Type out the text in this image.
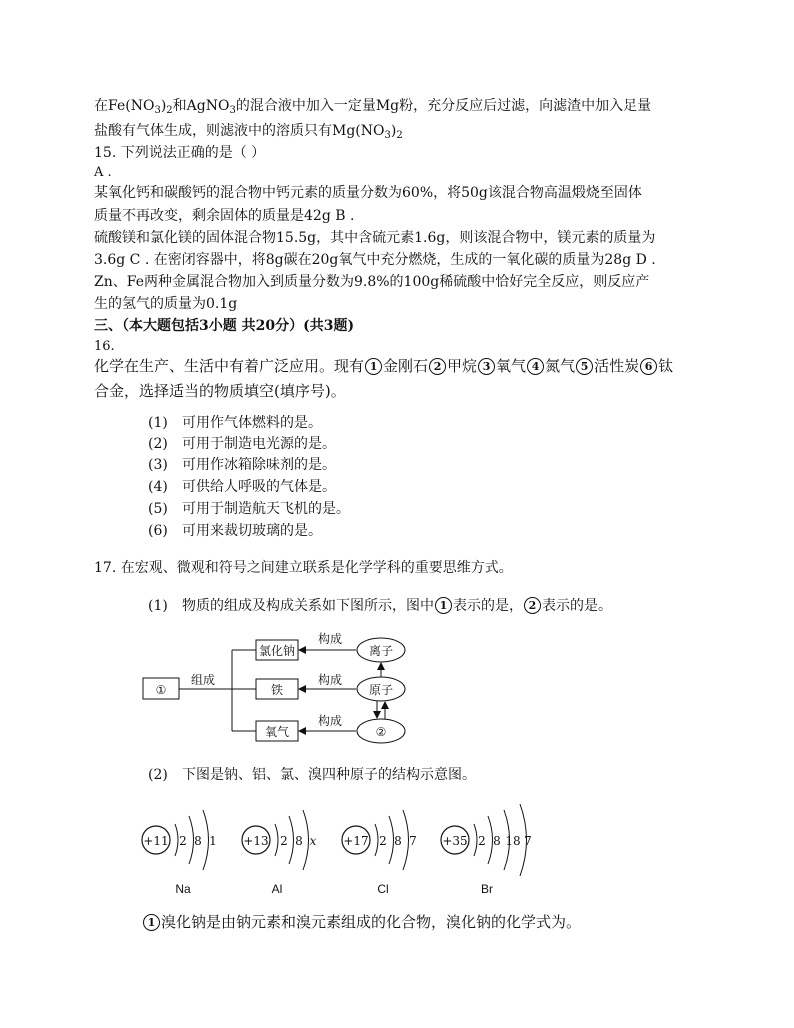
在$Fe(NO_3)_2$和AgNO$_3$的混合液中加入一定量Mg粉，充分反应后过滤，向滤渣中加入足量
盐酸有气体生成，则滤液中的溶质只有$Mg(NO_3)_2$
15. 下列说法正确的是（ ）
A .
某氧化钙和碳酸钙的混合物中钙元素的质量分数为60%，将50g该混合物高温煅烧至固体
质量不再改变，剩余固体的质量是42g B .
硫酸镁和氯化镁的固体混合物15.5g，其中含硫元素1.6g，则该混合物中，镁元素的质量为
3.6g C . 在密闭容器中，将8g碳在20g氧气中充分燃烧，生成的一氧化碳的质量为28g D .
Zn、Fe两种金属混合物加入到质量分数为9.8%的100g稀硫酸中恰好完全反应，则反应产
生的氢气的质量为0.1g
三、（本大题包括3小题 共20分）(共3题)
16.
化学在生产、生活中有着广泛应用。现有 1 金刚石 2 甲烷 3 氧气 4 氮气 5 活性炭 6 钛
合金，选择适当的物质填空(填序号)。
(1) 可用作气体燃料的是。
(2) 可用于制造电光源的是。
(3) 可用作冰箱除味剂的是。
(4) 可供给人呼吸的气体是。
(5) 可用于制造航天飞机的是。
(6) 可用来裁切玻璃的是。
17. 在宏观、微观和符号之间建立联系是化学学科的重要思维方式。
(1) 物质的组成及构成关系如下图所示，图中 1 表示的是， 2 表示的是。
①
组成
氯化钠
铁
氧气
构成
构成
构成
离子
原子
②
(2) 下图是钠、铝、氯、溴四种原子的结构示意图。
+11 2 8 1
Na
+13 2 8 x
Al
+17 2 8 7
Cl
+35 2 8 18 7
Br
1 溴化钠是由钠元素和溴元素组成的化合物，溴化钠的化学式为。
